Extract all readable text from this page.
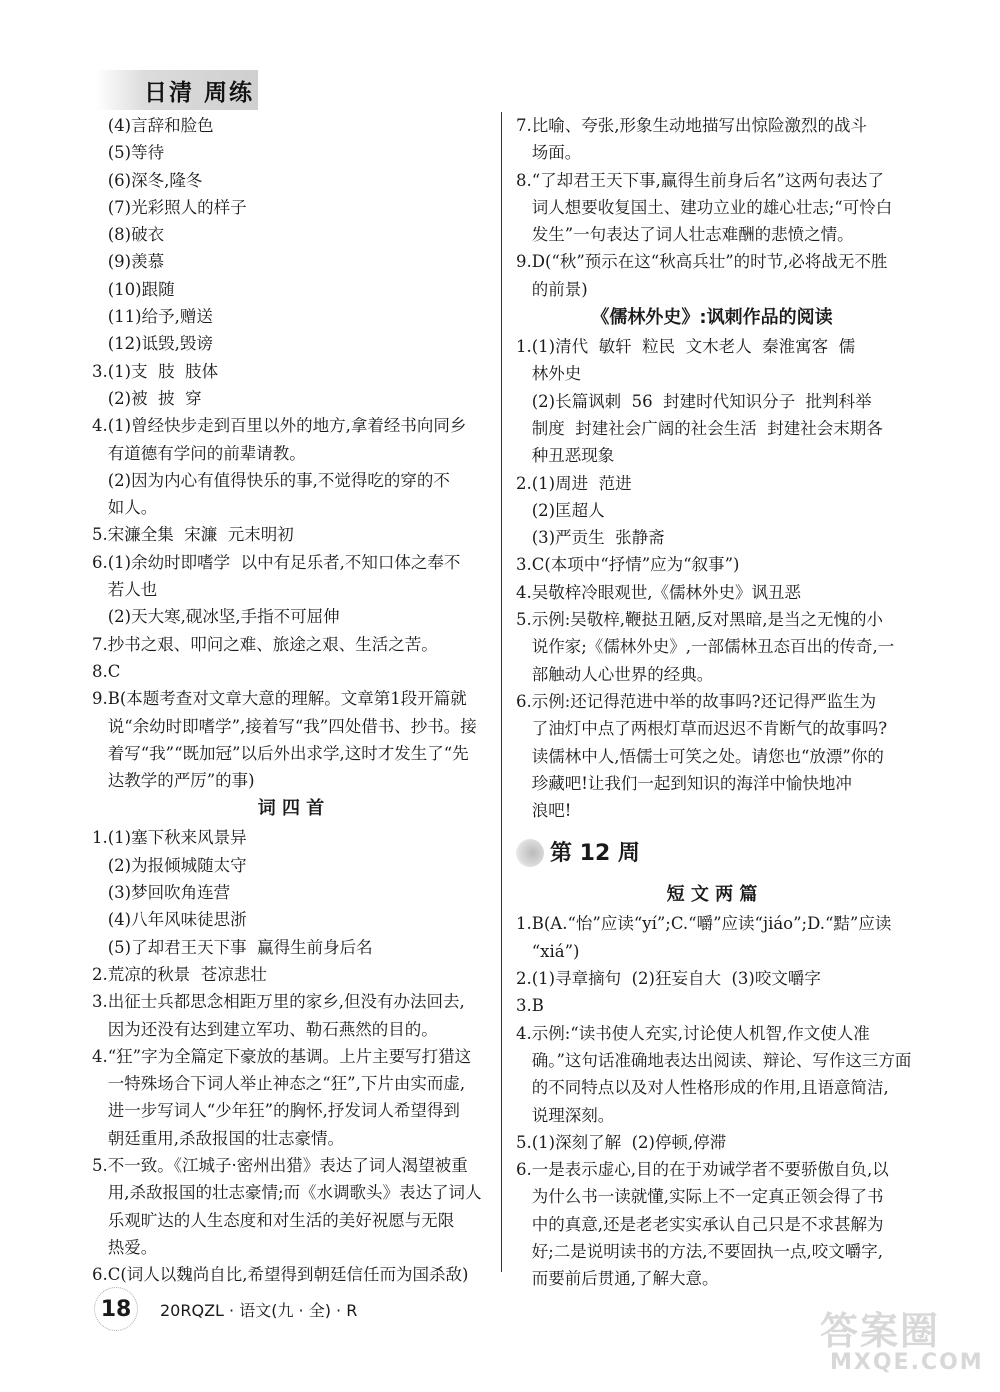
日清 周练
(4)言辞和脸色
(5)等待
(6)深冬,隆冬
(7)光彩照人的样子
(8)破衣
(9)羡慕
(10)跟随
(11)给予,赠送
(12)诋毁,毁谤
3.(1)支  肢  肢体
(2)被  披  穿
4.(1)曾经快步走到百里以外的地方,拿着经书向同乡
有道德有学问的前辈请教。
(2)因为内心有值得快乐的事,不觉得吃的穿的不
如人。
5.宋濂全集  宋濂  元末明初
6.(1)余幼时即嗜学  以中有足乐者,不知口体之奉不
若人也
(2)天大寒,砚冰坚,手指不可屈伸
7.抄书之艰、叩问之难、旅途之艰、生活之苦。
8.C
9.B(本题考查对文章大意的理解。文章第1段开篇就
说“余幼时即嗜学”,接着写“我”四处借书、抄书。接
着写“我”“既加冠”以后外出求学,这时才发生了“先
达教学的严厉”的事)
词 四 首
1.(1)塞下秋来风景异
(2)为报倾城随太守
(3)梦回吹角连营
(4)八年风味徒思浙
(5)了却君王天下事  赢得生前身后名
2.荒凉的秋景  苍凉悲壮
3.出征士兵都思念相距万里的家乡,但没有办法回去,
因为还没有达到建立军功、勒石燕然的目的。
4.“狂”字为全篇定下豪放的基调。上片主要写打猎这
一特殊场合下词人举止神态之“狂”,下片由实而虚,
进一步写词人“少年狂”的胸怀,抒发词人希望得到
朝廷重用,杀敌报国的壮志豪情。
5.不一致。《江城子·密州出猎》表达了词人渴望被重
用,杀敌报国的壮志豪情;而《水调歌头》表达了词人
乐观旷达的人生态度和对生活的美好祝愿与无限
热爱。
6.C(词人以魏尚自比,希望得到朝廷信任而为国杀敌)
7.比喻、夸张,形象生动地描写出惊险激烈的战斗
场面。
8.“了却君王天下事,赢得生前身后名”这两句表达了
词人想要收复国土、建功立业的雄心壮志;“可怜白
发生”一句表达了词人壮志难酬的悲愤之情。
9.D(“秋”预示在这“秋高兵壮”的时节,必将战无不胜
的前景)
《儒林外史》:讽刺作品的阅读
1.(1)清代  敏轩  粒民  文木老人  秦淮寓客  儒
林外史
(2)长篇讽刺  56  封建时代知识分子  批判科举
制度  封建社会广阔的社会生活  封建社会末期各
种丑恶现象
2.(1)周进  范进
(2)匡超人
(3)严贡生  张静斋
3.C(本项中“抒情”应为“叙事”)
4.吴敬梓冷眼观世,《儒林外史》讽丑恶
5.示例:吴敬梓,鞭挞丑陋,反对黑暗,是当之无愧的小
说作家;《儒林外史》,一部儒林丑态百出的传奇,一
部触动人心世界的经典。
6.示例:还记得范进中举的故事吗?还记得严监生为
了油灯中点了两根灯草而迟迟不肯断气的故事吗?
读儒林中人,悟儒士可笑之处。请您也“放漂”你的
珍藏吧!让我们一起到知识的海洋中愉快地冲
浪吧!
第 12 周
短 文 两 篇
1.B(A.“怡”应读“yí”;C.“嚼”应读“jiáo”;D.“黠”应读
“xiá”)
2.(1)寻章摘句  (2)狂妄自大  (3)咬文嚼字
3.B
4.示例:“读书使人充实,讨论使人机智,作文使人准
确。”这句话准确地表达出阅读、辩论、写作这三方面
的不同特点以及对人性格形成的作用,且语意简洁,
说理深刻。
5.(1)深刻了解  (2)停顿,停滞
6.一是表示虚心,目的在于劝诫学者不要骄傲自负,以
为什么书一读就懂,实际上不一定真正领会得了书
中的真意,还是老老实实承认自己只是不求甚解为
好;二是说明读书的方法,不要固执一点,咬文嚼字,
而要前后贯通,了解大意。
18 20RQZL · 语文(九 · 全) · R	答案圈
MXQE.COM
